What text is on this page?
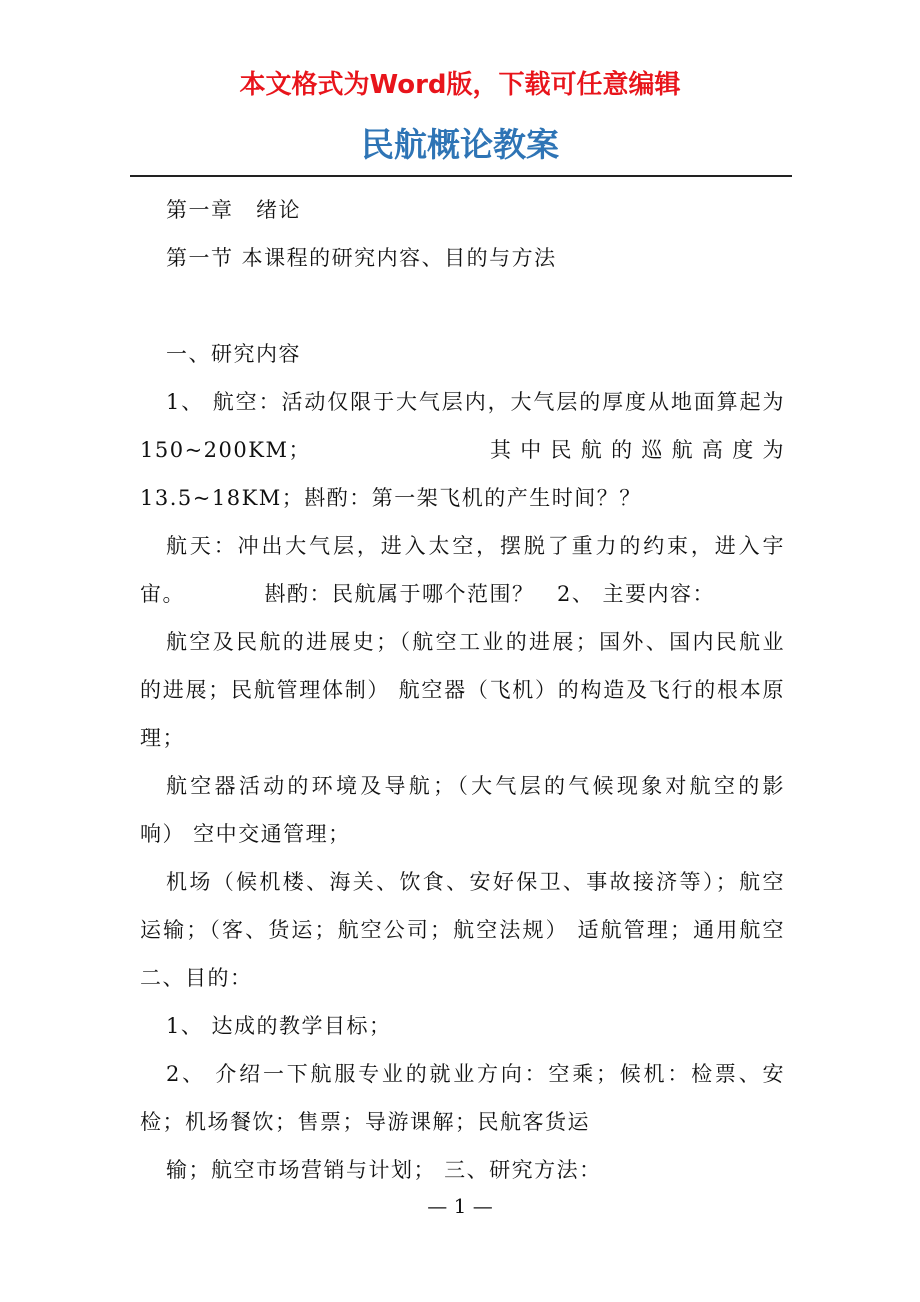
本文格式为Word版，下载可任意编辑
民航概论教案

第一章　绪论

第一节 本课程的研究内容、目的与方法

一、研究内容

1、 航空：活动仅限于大气层内，大气层的厚度从地面算起为 150~200KM；　　　　　　其中民航的巡航高度为13.5~18KM；斟酌：第一架飞机的产生时间？？

航天：冲出大气层，进入太空，摆脱了重力的约束，进入宇宙。　　　　斟酌：民航属于哪个范围？　2、 主要内容：

航空及民航的进展史；（航空工业的进展；国外、国内民航业的进展；民航管理体制） 航空器（飞机）的构造及飞行的根本原理；

航空器活动的环境及导航；（大气层的气候现象对航空的影响） 空中交通管理；

机场（候机楼、海关、饮食、安好保卫、事故接济等）；航空运输；（客、货运；航空公司；航空法规） 适航管理；通用航空 二、目的：

1、 达成的教学目标；

2、 介绍一下航服专业的就业方向：空乘；候机：检票、安检；机场餐饮；售票；导游课解；民航客货运

输；航空市场营销与计划； 三、研究方法：

— 1 —
